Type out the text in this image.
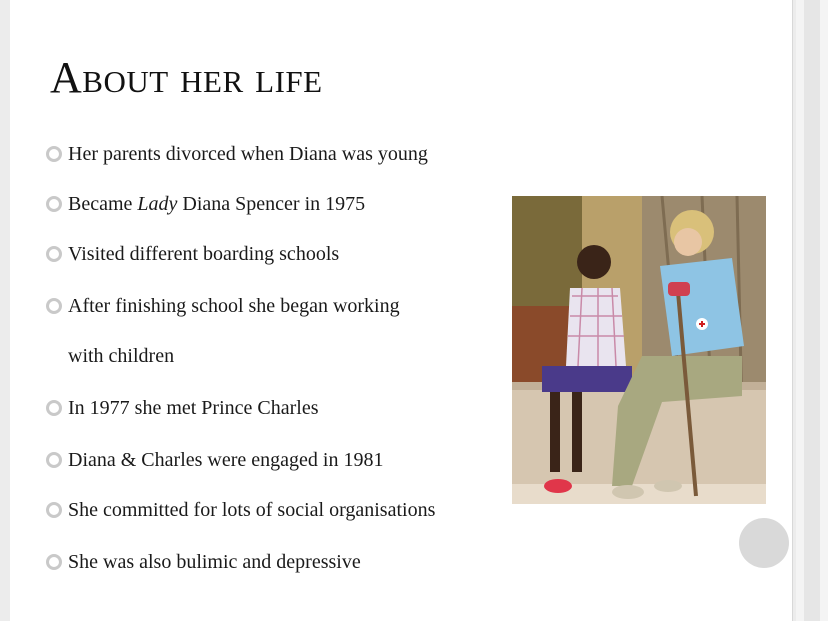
About her life
Her parents divorced when Diana was young
Became Lady Diana Spencer in 1975
Visited different boarding schools
After finishing school she began working
with children
In 1977 she met Prince Charles
Diana & Charles were engaged in 1981
She committed for lots of social organisations
She was also bulimic and depressive
